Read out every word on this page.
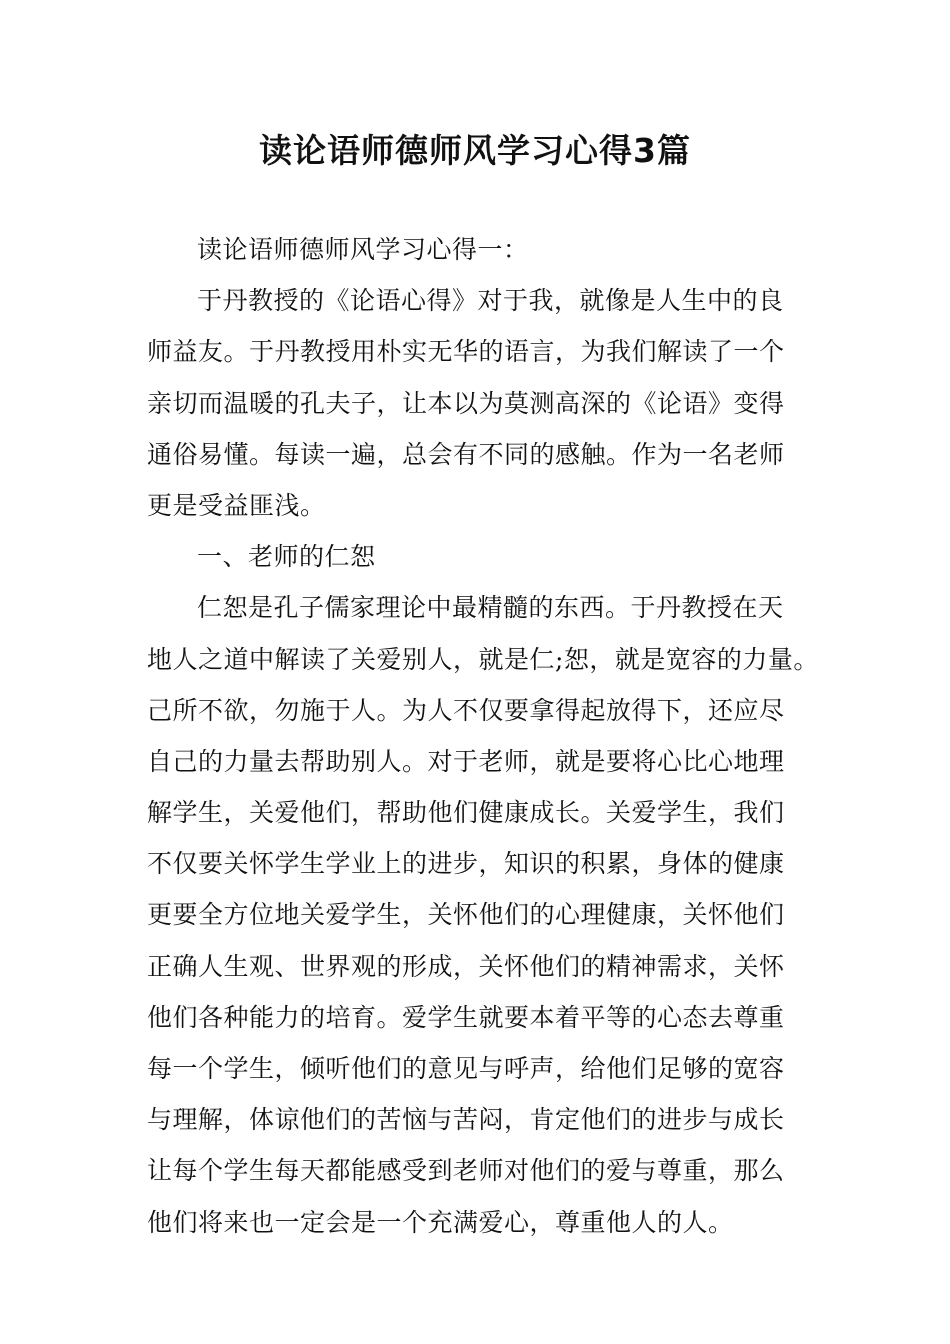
读论语师德师风学习心得3篇
读论语师德师风学习心得一：
于丹教授的《论语心得》对于我，就像是人生中的良
师益友。于丹教授用朴实无华的语言，为我们解读了一个
亲切而温暖的孔夫子，让本以为莫测高深的《论语》变得
通俗易懂。每读一遍，总会有不同的感触。作为一名老师
更是受益匪浅。
一、老师的仁恕
仁恕是孔子儒家理论中最精髓的东西。于丹教授在天
地人之道中解读了关爱别人，就是仁;恕，就是宽容的力量。
己所不欲，勿施于人。为人不仅要拿得起放得下，还应尽
自己的力量去帮助别人。对于老师，就是要将心比心地理
解学生，关爱他们，帮助他们健康成长。关爱学生，我们
不仅要关怀学生学业上的进步，知识的积累，身体的健康
更要全方位地关爱学生，关怀他们的心理健康，关怀他们
正确人生观、世界观的形成，关怀他们的精神需求，关怀
他们各种能力的培育。爱学生就要本着平等的心态去尊重
每一个学生，倾听他们的意见与呼声，给他们足够的宽容
与理解，体谅他们的苦恼与苦闷，肯定他们的进步与成长
让每个学生每天都能感受到老师对他们的爱与尊重，那么
他们将来也一定会是一个充满爱心，尊重他人的人。
